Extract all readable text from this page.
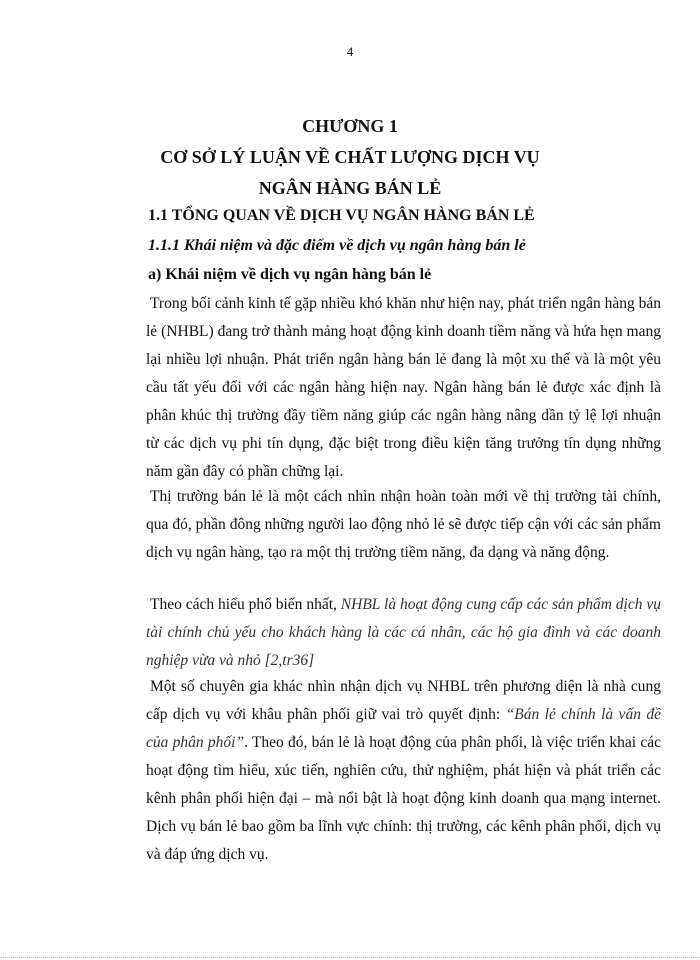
4
CHƯƠNG 1
CƠ SỞ LÝ LUẬN VỀ CHẤT LƯỢNG DỊCH VỤ
NGÂN HÀNG BÁN LẺ
1.1 TỔNG QUAN VỀ DỊCH VỤ NGÂN HÀNG BÁN LẺ
1.1.1 Khái niệm và đặc điểm về dịch vụ ngân hàng bán lẻ
a) Khái niệm về dịch vụ ngân hàng bán lẻ

Trong bối cảnh kinh tế gặp nhiều khó khăn như hiện nay, phát triển ngân hàng bán lẻ (NHBL) đang trở thành mảng hoạt động kinh doanh tiềm năng và hứa hẹn mang lại nhiều lợi nhuận. Phát triển ngân hàng bán lẻ đang là một xu thế và là một yêu cầu tất yếu đối với các ngân hàng hiện nay. Ngân hàng bán lẻ được xác định là phân khúc thị trường đầy tiềm năng giúp các ngân hàng nâng dần tỷ lệ lợi nhuận từ các dịch vụ phi tín dụng, đặc biệt trong điều kiện tăng trưởng tín dụng những năm gần đây có phần chững lại.

Thị trường bán lẻ là một cách nhìn nhận hoàn toàn mới về thị trường tài chính, qua đó, phần đông những người lao động nhỏ lẻ sẽ được tiếp cận với các sản phẩm dịch vụ ngân hàng, tạo ra một thị trường tiềm năng, đa dạng và năng động.

Theo cách hiểu phổ biến nhất, NHBL là hoạt động cung cấp các sản phẩm dịch vụ tài chính chủ yếu cho khách hàng là các cá nhân, các hộ gia đình và các doanh nghiệp vừa và nhỏ [2,tr36]

Một số chuyên gia khác nhìn nhận dịch vụ NHBL trên phương diện là nhà cung cấp dịch vụ với khâu phân phối giữ vai trò quyết định: “Bán lẻ chính là vấn đề của phân phối”. Theo đó, bán lẻ là hoạt động của phân phối, là việc triển khai các hoạt động tìm hiểu, xúc tiến, nghiên cứu, thử nghiệm, phát hiện và phát triển các kênh phân phối hiện đại – mà nổi bật là hoạt động kinh doanh qua mạng internet. Dịch vụ bán lẻ bao gồm ba lĩnh vực chính: thị trường, các kênh phân phối, dịch vụ và đáp ứng dịch vụ.
